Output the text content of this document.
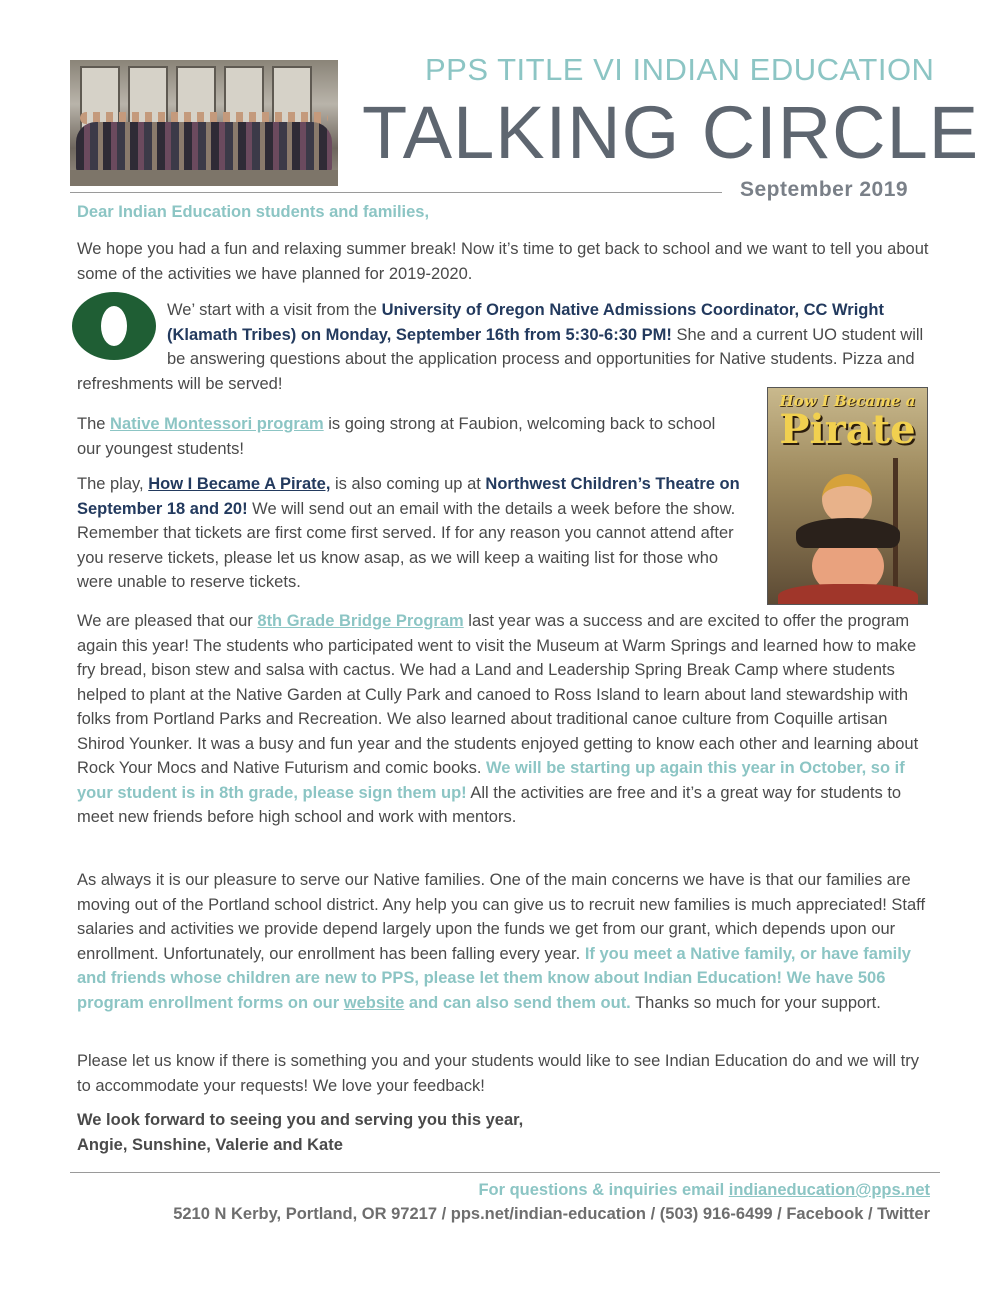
PPS TITLE VI INDIAN EDUCATION
TALKING CIRCLE
September 2019
Dear Indian Education students and families,

We hope you had a fun and relaxing summer break! Now it’s time to get back to school and we want to tell you about some of the activities we have planned for 2019-2020.

We’ start with a visit from the University of Oregon Native Admissions Coordinator, CC Wright (Klamath Tribes) on Monday, September 16th from 5:30-6:30 PM! She and a current UO student will be answering questions about the application process and opportunities for Native students. Pizza and refreshments will be served!

How I Became a
Pirate

The Native Montessori program is going strong at Faubion, welcoming back to school our youngest students!

The play, How I Became A Pirate, is also coming up at Northwest Children’s Theatre on September 18 and 20! We will send out an email with the details a week before the show. Remember that tickets are first come first served. If for any reason you cannot attend after you reserve tickets, please let us know asap, as we will keep a waiting list for those who were unable to reserve tickets.

We are pleased that our 8th Grade Bridge Program last year was a success and are excited to offer the program again this year! The students who participated went to visit the Museum at Warm Springs and learned how to make fry bread, bison stew and salsa with cactus. We had a Land and Leadership Spring Break Camp where students helped to plant at the Native Garden at Cully Park and canoed to Ross Island to learn about land stewardship with folks from Portland Parks and Recreation. We also learned about traditional canoe culture from Coquille artisan Shirod Younker. It was a busy and fun year and the students enjoyed getting to know each other and learning about Rock Your Mocs and Native Futurism and comic books. We will be starting up again this year in October, so if your student is in 8th grade, please sign them up! All the activities are free and it’s a great way for students to meet new friends before high school and work with mentors.

As always it is our pleasure to serve our Native families. One of the main concerns we have is that our families are moving out of the Portland school district. Any help you can give us to recruit new families is much appreciated! Staff salaries and activities we provide depend largely upon the funds we get from our grant, which depends upon our enrollment. Unfortunately, our enrollment has been falling every year. If you meet a Native family, or have family and friends whose children are new to PPS, please let them know about Indian Education! We have 506 program enrollment forms on our website and can also send them out. Thanks so much for your support.

Please let us know if there is something you and your students would like to see Indian Education do and we will try to accommodate your requests! We love your feedback!

We look forward to seeing you and serving you this year,
Angie, Sunshine, Valerie and Kate
For questions & inquiries email indianeducation@pps.net
5210 N Kerby, Portland, OR 97217 / pps.net/indian-education / (503) 916-6499 / Facebook / Twitter
